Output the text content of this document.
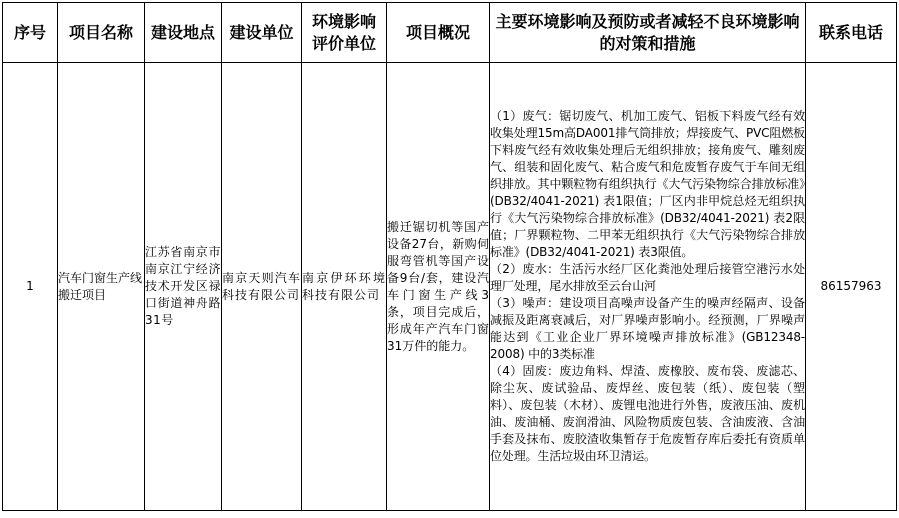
序号	项目名称	建设地点	建设单位	环境影响
评价单位	项目概况	主要环境影响及预防或者减轻不良环境影响
的对策和措施	联系电话
1	汽车门窗生产线搬迁项目	江苏省南京市南京江宁经济技术开发区禄口街道神舟路31号	南京天则汽车科技有限公司	南京伊环环境科技有限公司	搬迁锯切机等国产设备27台，新购伺服弯管机等国产设备9台/套，建设汽车门窗生产线3条，项目完成后，形成年产汽车门窗31万件的能力。	（1）废气：锯切废气、机加工废气、铝板下料废气经有效收集处理15m高DA001排气筒排放；焊接废气、PVC阻燃板下料废气经有效收集处理后无组织排放；接角废气、雕刻废气、组装和固化废气、粘合废气和危废暂存废气于车间无组织排放。其中颗粒物有组织执行《大气污染物综合排放标准》(DB32/4041-2021) 表1限值；厂区内非甲烷总烃无组织执行《大气污染物综合排放标准》(DB32/4041-2021) 表2限值；厂界颗粒物、二甲苯无组织执行《大气污染物综合排放标准》(DB32/4041-2021) 表3限值。
（2）废水：生活污水经厂区化粪池处理后接管空港污水处理厂处理，尾水排放至云台山河
（3）噪声：建设项目高噪声设备产生的噪声经隔声、设备减振及距离衰减后，对厂界噪声影响小。经预测，厂界噪声能达到《工业企业厂界环境噪声排放标准》(GB12348-2008) 中的3类标准
（4）固废：废边角料、焊渣、废橡胶、废布袋、废滤芯、除尘灰、废试验品、废焊丝、废包装（纸）、废包装（塑料）、废包装（木材）、废锂电池进行外售，废液压油、废机油、废油桶、废润滑油、风险物质废包装、含油废液、含油手套及抹布、废胶渣收集暂存于危废暂存库后委托有资质单位处理。生活垃圾由环卫清运。	86157963
